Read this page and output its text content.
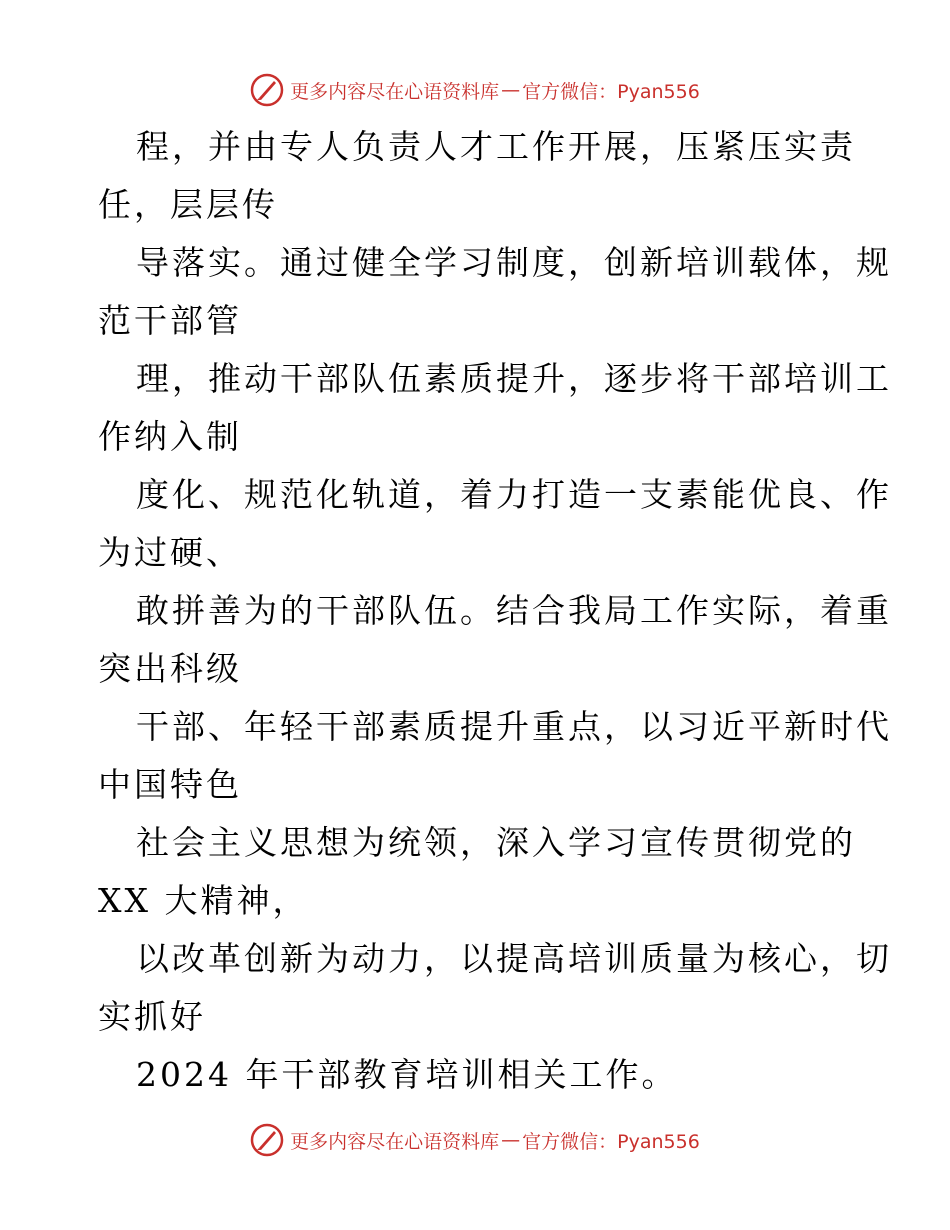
更多内容尽在心语资料库 — 官方微信：Pyan556
程，并由专人负责人才工作开展，压紧压实责
任，层层传
导落实。通过健全学习制度，创新培训载体，规
范干部管
理，推动干部队伍素质提升，逐步将干部培训工
作纳入制
度化、规范化轨道，着力打造一支素能优良、作
为过硬、
敢拼善为的干部队伍。结合我局工作实际，着重
突出科级
干部、年轻干部素质提升重点，以习近平新时代
中国特色
社会主义思想为统领，深入学习宣传贯彻党的
XX 大精神，
以改革创新为动力，以提高培训质量为核心，切
实抓好
2024 年干部教育培训相关工作。
更多内容尽在心语资料库 — 官方微信：Pyan556
